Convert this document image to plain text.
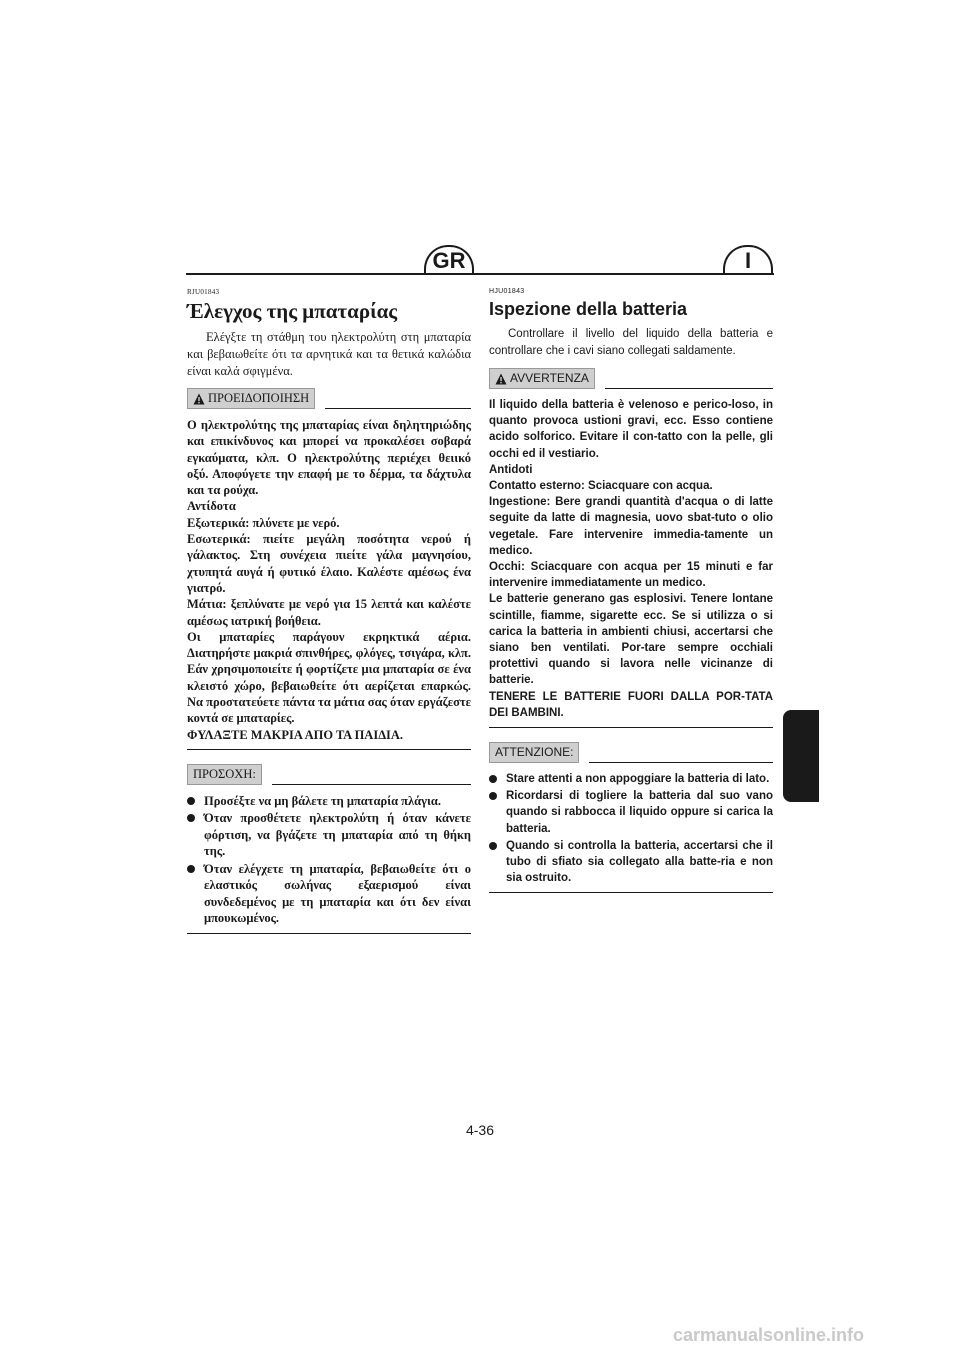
GR	I

RJU01843

Έλεγχος της μπαταρίας

Ελέγξτε τη στάθμη του ηλεκτρολύτη στη μπαταρία και βεβαιωθείτε ότι τα αρνητικά και τα θετικά καλώδια είναι καλά σφιγμένα.

ΠΡΟΕΙΔΟΠΟΙΗΣΗ

Ο ηλεκτρολύτης της μπαταρίας είναι δηλητηριώδης και επικίνδυνος και μπορεί να προκαλέσει σοβαρά εγκαύματα, κλπ. Ο ηλεκτρολύτης περιέχει θειικό οξύ. Αποφύγετε την επαφή με το δέρμα, τα δάχτυλα και τα ρούχα.

Αντίδοτα

Εξωτερικά: πλύνετε με νερό.

Εσωτερικά: πιείτε μεγάλη ποσότητα νερού ή γάλακτος. Στη συνέχεια πιείτε γάλα μαγνησίου, χτυπητά αυγά ή φυτικό έλαιο. Καλέστε αμέσως ένα γιατρό.

Μάτια: ξεπλύνατε με νερό για 15 λεπτά και καλέστε αμέσως ιατρική βοήθεια.

Οι μπαταρίες παράγουν εκρηκτικά αέρια. Διατηρήστε μακριά σπινθήρες, φλόγες, τσιγάρα, κλπ. Εάν χρησιμοποιείτε ή φορτίζετε μια μπαταρία σε ένα κλειστό χώρο, βεβαιωθείτε ότι αερίζεται επαρκώς. Να προστατεύετε πάντα τα μάτια σας όταν εργάζεστε κοντά σε μπαταρίες.

ΦΥΛΑΞΤΕ ΜΑΚΡΙΑ ΑΠΟ ΤΑ ΠΑΙΔΙΑ.

ΠΡΟΣΟΧΗ:
Προσέξτε να μη βάλετε τη μπαταρία πλάγια.
Όταν προσθέτετε ηλεκτρολύτη ή όταν κάνετε φόρτιση, να βγάζετε τη μπαταρία από τη θήκη της.
Όταν ελέγχετε τη μπαταρία, βεβαιωθείτε ότι ο ελαστικός σωλήνας εξαερισμού είναι συνδεδεμένος με τη μπαταρία και ότι δεν είναι μπουκωμένος.

HJU01843

Ispezione della batteria

Controllare il livello del liquido della batteria e controllare che i cavi siano collegati saldamente.

AVVERTENZA

Il liquido della batteria è velenoso e perico-loso, in quanto provoca ustioni gravi, ecc. Esso contiene acido solforico. Evitare il con-tatto con la pelle, gli occhi ed il vestiario.

Antidoti

Contatto esterno: Sciacquare con acqua.

Ingestione: Bere grandi quantità d'acqua o di latte seguite da latte di magnesia, uovo sbat-tuto o olio vegetale. Fare intervenire immedia-tamente un medico.

Occhi: Sciacquare con acqua per 15 minuti e far intervenire immediatamente un medico.

Le batterie generano gas esplosivi. Tenere lontane scintille, fiamme, sigarette ecc. Se si utilizza o si carica la batteria in ambienti chiusi, accertarsi che siano ben ventilati. Por-tare sempre occhiali protettivi quando si lavora nelle vicinanze di batterie.

TENERE LE BATTERIE FUORI DALLA POR-TATA DEI BAMBINI.

ATTENZIONE:
Stare attenti a non appoggiare la batteria di lato.
Ricordarsi di togliere la batteria dal suo vano quando si rabbocca il liquido oppure si carica la batteria.
Quando si controlla la batteria, accertarsi che il tubo di sfiato sia collegato alla batte-ria e non sia ostruito.
4-36
carmanualsonline.info
